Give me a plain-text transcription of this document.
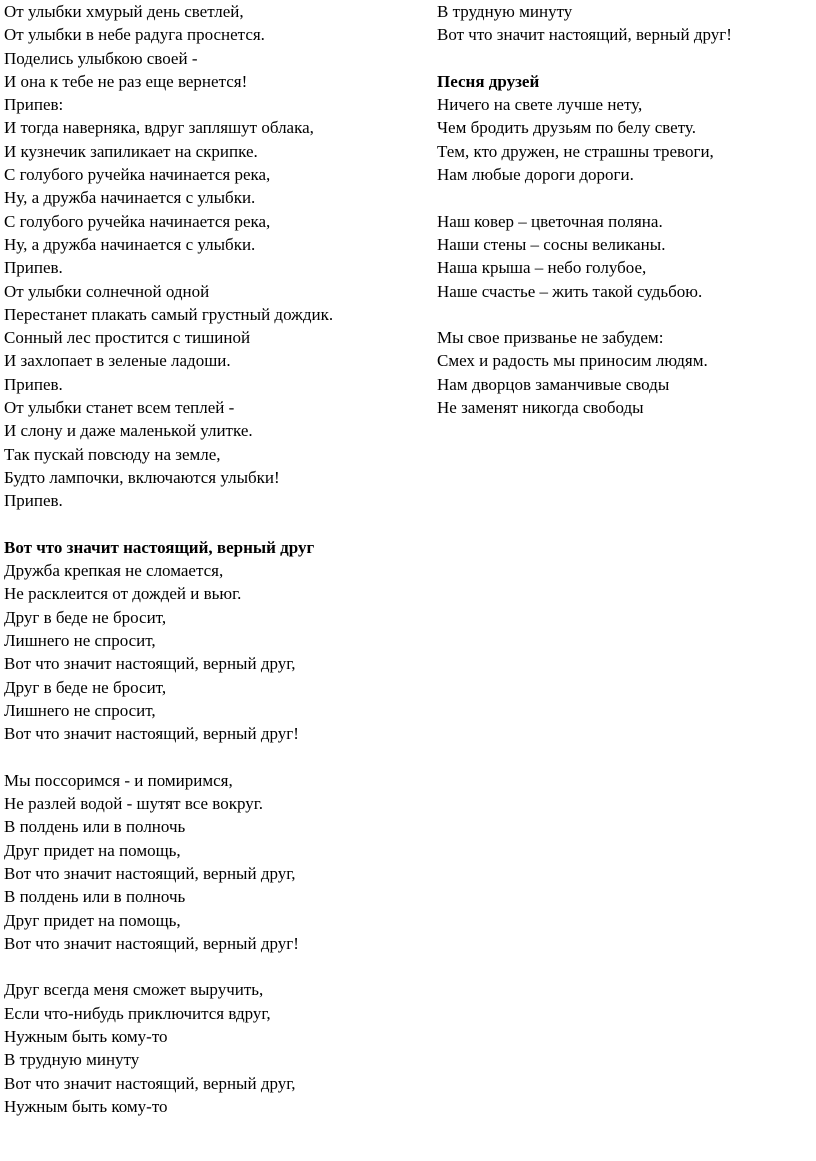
От улыбки хмурый день светлей,
От улыбки в небе радуга проснется.
Поделись улыбкою своей -
И она к тебе не раз еще вернется!
Припев:
И тогда наверняка, вдруг запляшут облака,
И кузнечик запиликает на скрипке.
С голубого ручейка начинается река,
Ну, а дружба начинается с улыбки.
С голубого ручейка начинается река,
Ну, а дружба начинается с улыбки.
Припев.
От улыбки солнечной одной
Перестанет плакать самый грустный дождик.
Сонный лес простится с тишиной
И захлопает в зеленые ладоши.
Припев.
От улыбки станет всем теплей -
И слону и даже маленькой улитке.
Так пускай повсюду на земле,
Будто лампочки, включаются улыбки!
Припев.
Вот что значит настоящий, верный друг
Дружба крепкая не сломается,
Не расклеится от дождей и вьюг.
Друг в беде не бросит,
Лишнего не спросит,
Вот что значит настоящий, верный друг,
Друг в беде не бросит,
Лишнего не спросит,
Вот что значит настоящий, верный друг!
Мы поссоримся - и помиримся,
Не разлей водой - шутят все вокруг.
В полдень или в полночь
Друг придет на помощь,
Вот что значит настоящий, верный друг,
В полдень или в полночь
Друг придет на помощь,
Вот что значит настоящий, верный друг!
Друг всегда меня сможет выручить,
Если что-нибудь приключится вдруг,
Нужным быть кому-то
В трудную минуту
Вот что значит настоящий, верный друг,
Нужным быть кому-то
В трудную минуту
Вот что значит настоящий, верный друг!
Песня друзей
Ничего на свете лучше нету,
Чем бродить друзьям по белу свету.
Тем, кто дружен, не страшны тревоги,
Нам любые дороги дороги.
Наш ковер – цветочная поляна.
Наши стены – сосны великаны.
Наша крыша – небо голубое,
Наше счастье – жить такой судьбою.
Мы свое призванье не забудем:
Смех и радость мы приносим людям.
Нам дворцов заманчивые своды
Не заменят никогда свободы
